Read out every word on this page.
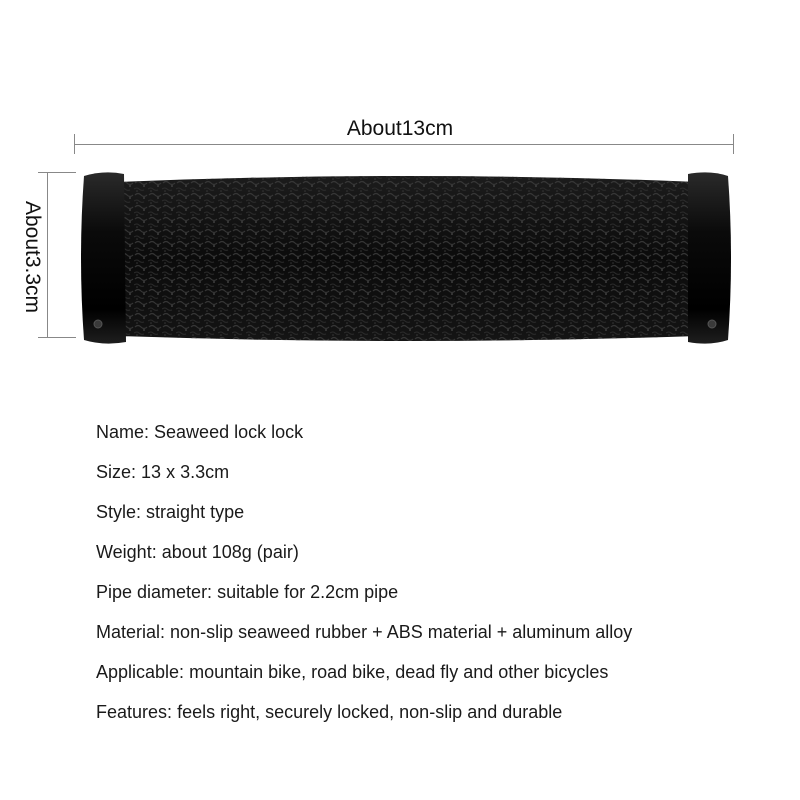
About13cm
About3.3cm
Name: Seaweed lock lock
Size: 13 x 3.3cm
Style: straight type
Weight: about 108g (pair)
Pipe diameter: suitable for 2.2cm pipe
Material: non-slip seaweed rubber + ABS material + aluminum alloy
Applicable: mountain bike, road bike, dead fly and other bicycles
Features: feels right, securely locked, non-slip and durable
